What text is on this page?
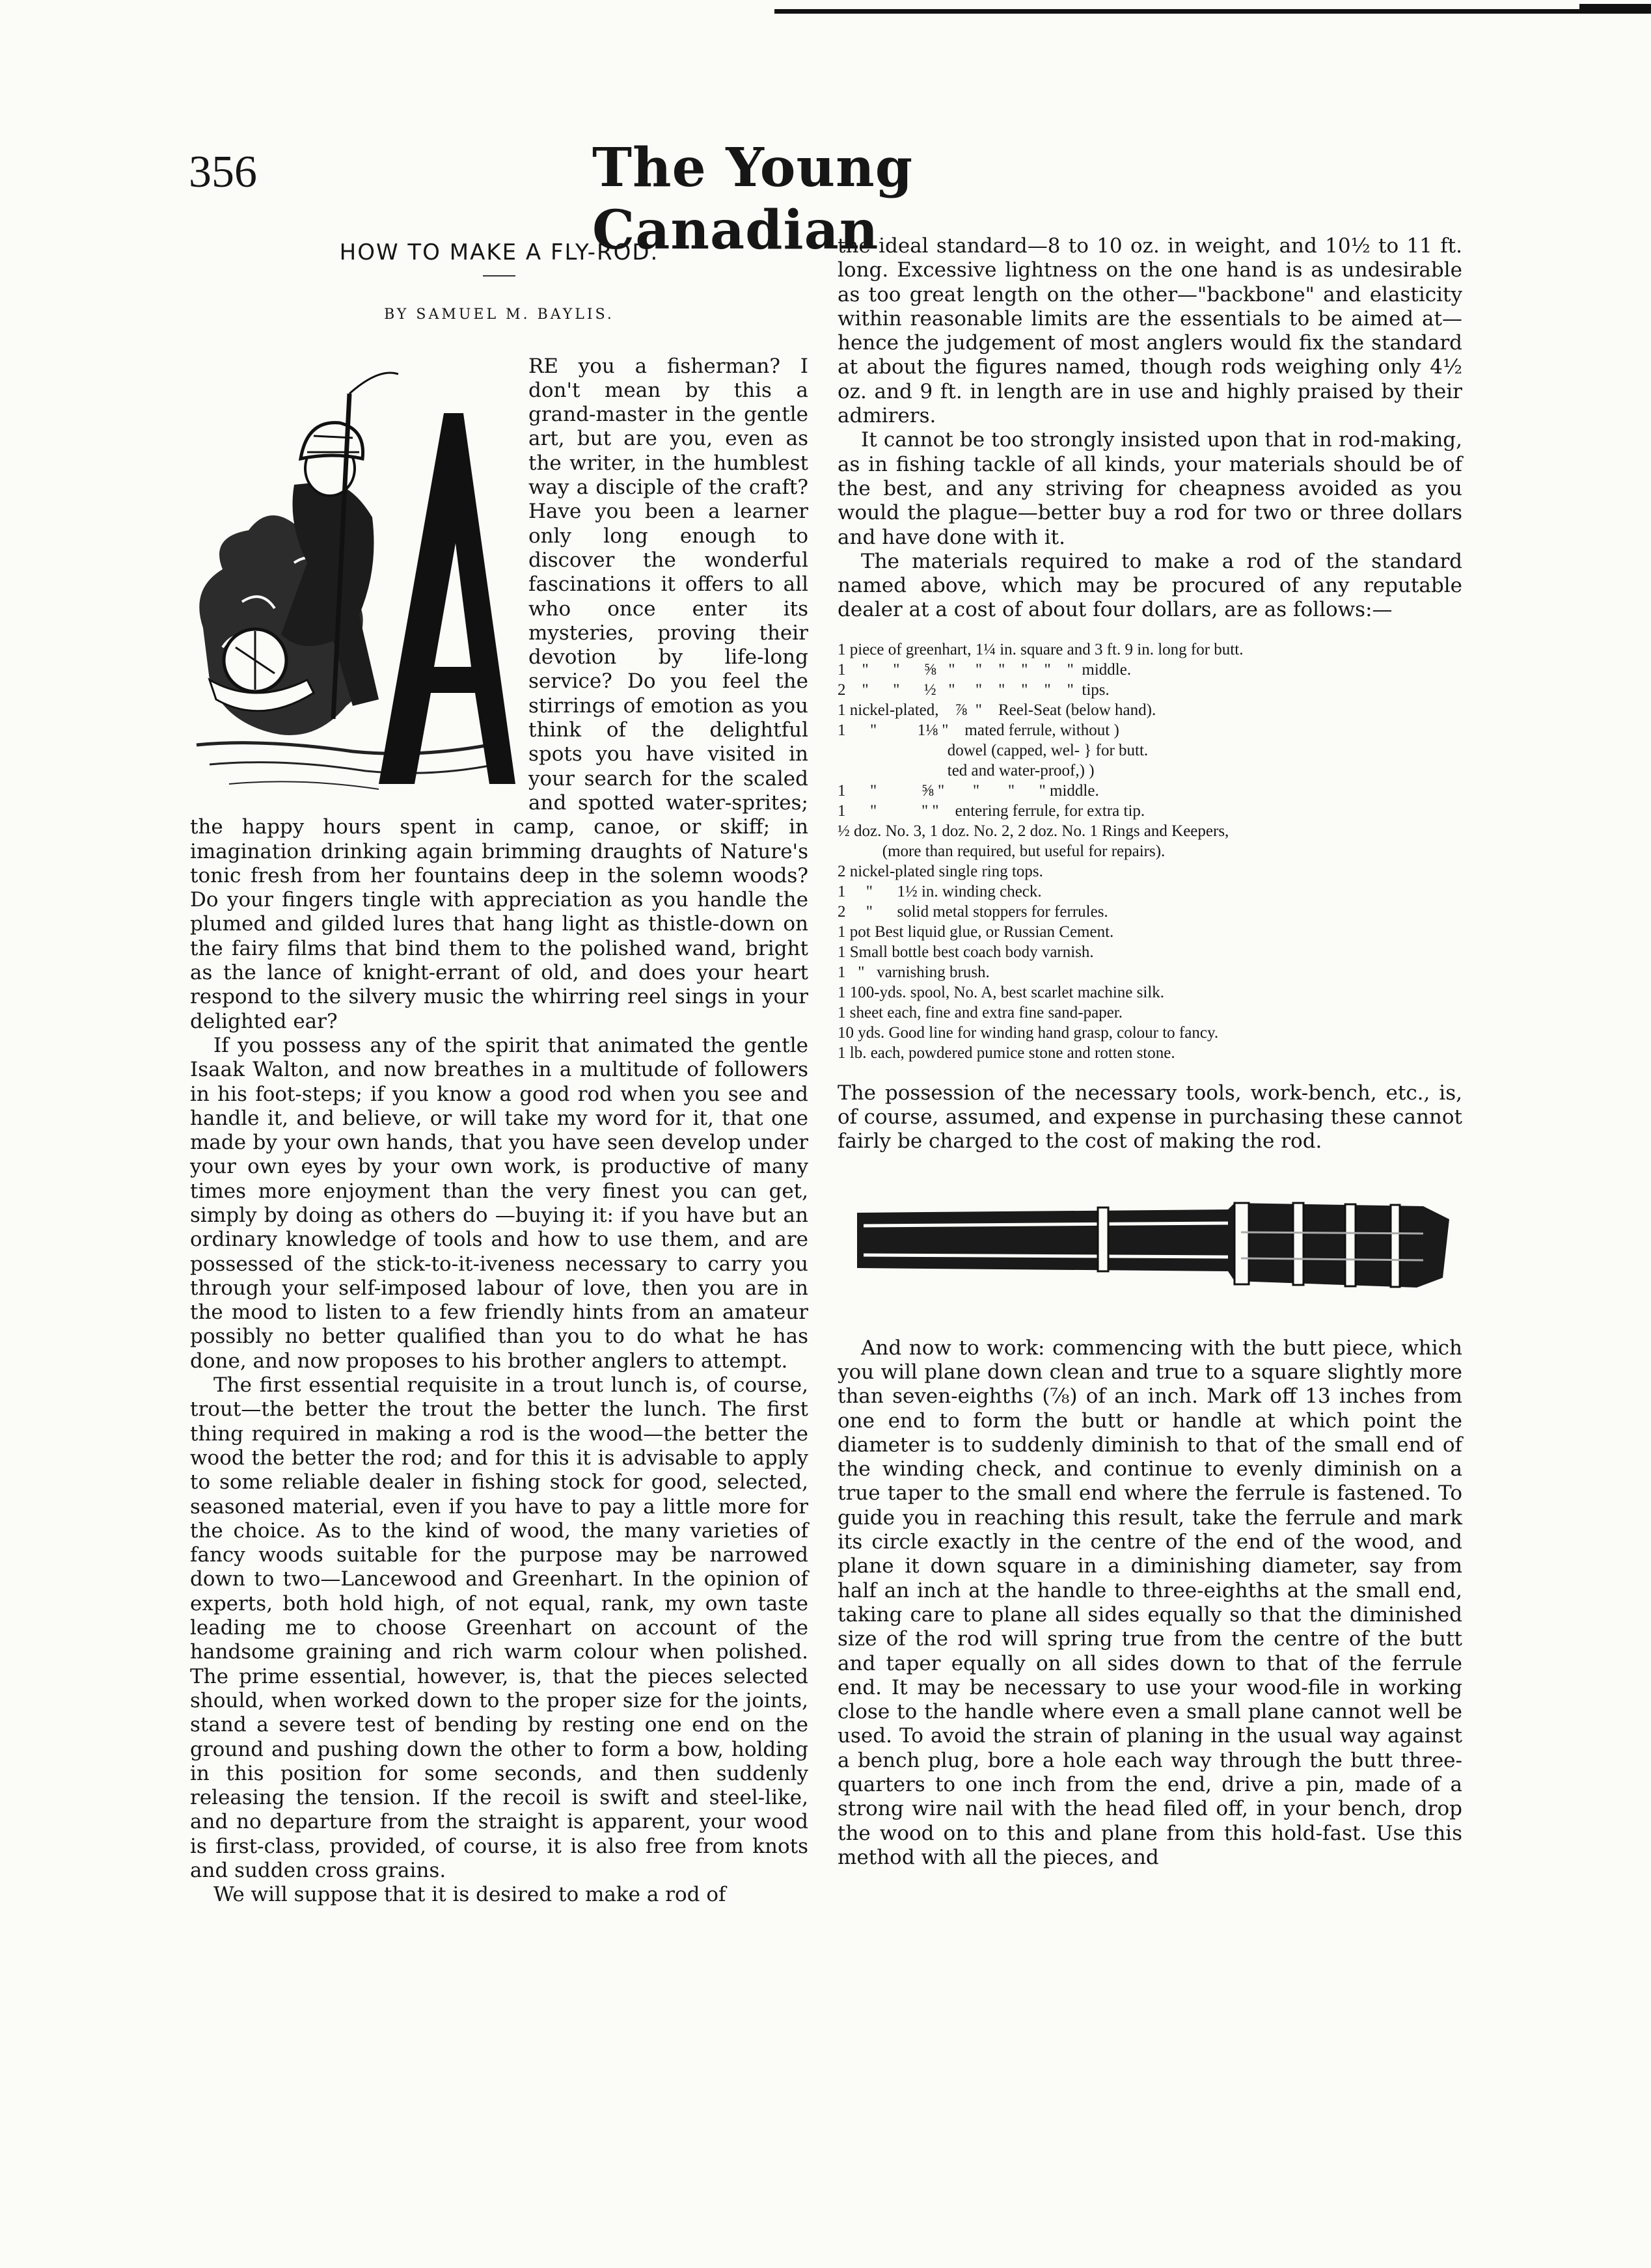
356	The Young Canadian
HOW TO MAKE A FLY-ROD.
BY SAMUEL M. BAYLIS.

RE you a fisherman? I don't mean by this a grand-master in the gentle art, but are you, even as the writer, in the humblest way a disciple of the craft? Have you been a learner only long enough to discover the wonderful fascinations it offers to all who once enter its mysteries, proving their devotion by life-long service? Do you feel the stirrings of emotion as you think of the delightful spots you have visited in your search for the scaled and spotted water-sprites; the happy hours spent in camp, canoe, or skiff; in imagination drinking again brimming draughts of Nature's tonic fresh from her fountains deep in the solemn woods? Do your fingers tingle with appreciation as you handle the plumed and gilded lures that hang light as thistle-down on the fairy films that bind them to the polished wand, bright as the lance of knight-errant of old, and does your heart respond to the silvery music the whirring reel sings in your delighted ear?

If you possess any of the spirit that animated the gentle Isaak Walton, and now breathes in a multitude of followers in his foot-steps; if you know a good rod when you see and handle it, and believe, or will take my word for it, that one made by your own hands, that you have seen develop under your own eyes by your own work, is productive of many times more enjoyment than the very finest you can get, simply by doing as others do —buying it: if you have but an ordinary knowledge of tools and how to use them, and are possessed of the stick-to-it-iveness necessary to carry you through your self-imposed labour of love, then you are in the mood to listen to a few friendly hints from an amateur possibly no better qualified than you to do what he has done, and now proposes to his brother anglers to attempt.

The first essential requisite in a trout lunch is, of course, trout—the better the trout the better the lunch. The first thing required in making a rod is the wood—the better the wood the better the rod; and for this it is advisable to apply to some reliable dealer in fishing stock for good, selected, seasoned material, even if you have to pay a little more for the choice. As to the kind of wood, the many varieties of fancy woods suitable for the purpose may be narrowed down to two—Lancewood and Greenhart. In the opinion of experts, both hold high, of not equal, rank, my own taste leading me to choose Greenhart on account of the handsome graining and rich warm colour when polished. The prime essential, however, is, that the pieces selected should, when worked down to the proper size for the joints, stand a severe test of bending by resting one end on the ground and pushing down the other to form a bow, holding in this position for some seconds, and then suddenly releasing the tension. If the recoil is swift and steel-like, and no departure from the straight is apparent, your wood is first-class, provided, of course, it is also free from knots and sudden cross grains.

We will suppose that it is desired to make a rod of

the ideal standard—8 to 10 oz. in weight, and 10½ to 11 ft. long. Excessive lightness on the one hand is as undesirable as too great length on the other—"backbone" and elasticity within reasonable limits are the essentials to be aimed at—hence the judgement of most anglers would fix the standard at about the figures named, though rods weighing only 4½ oz. and 9 ft. in length are in use and highly praised by their admirers.

It cannot be too strongly insisted upon that in rod-making, as in fishing tackle of all kinds, your materials should be of the best, and any striving for cheapness avoided as you would the plague—better buy a rod for two or three dollars and have done with it.

The materials required to make a rod of the standard named above, which may be procured of any reputable dealer at a cost of about four dollars, are as follows:—

1 piece of greenhart, 1¼ in. square and 3 ft. 9 in. long for butt.
1    "      "      ⅝   "     "    "    "    "    "  middle.
2    "      "      ½   "     "    "    "    "    "  tips.
1 nickel-plated,    ⅞  "    Reel-Seat (below hand).
1      "          1⅛ "    mated ferrule, without )
dowel (capped, wel- } for butt.
ted and water-proof,) )
1      "           ⅝ "       "       "      " middle.
1      "           " "    entering ferrule, for extra tip.
½ doz. No. 3, 1 doz. No. 2, 2 doz. No. 1 Rings and Keepers,
(more than required, but useful for repairs).
2 nickel-plated single ring tops.
1     "      1½ in. winding check.
2     "      solid metal stoppers for ferrules.
1 pot Best liquid glue, or Russian Cement.
1 Small bottle best coach body varnish.
1   "   varnishing brush.
1 100-yds. spool, No. A, best scarlet machine silk.
1 sheet each, fine and extra fine sand-paper.
10 yds. Good line for winding hand grasp, colour to fancy.
1 lb. each, powdered pumice stone and rotten stone.

The possession of the necessary tools, work-bench, etc., is, of course, assumed, and expense in purchasing these cannot fairly be charged to the cost of making the rod.

And now to work: commencing with the butt piece, which you will plane down clean and true to a square slightly more than seven-eighths (⅞) of an inch. Mark off 13 inches from one end to form the butt or handle at which point the diameter is to suddenly diminish to that of the small end of the winding check, and continue to evenly diminish on a true taper to the small end where the ferrule is fastened. To guide you in reaching this result, take the ferrule and mark its circle exactly in the centre of the end of the wood, and plane it down square in a diminishing diameter, say from half an inch at the handle to three-eighths at the small end, taking care to plane all sides equally so that the diminished size of the rod will spring true from the centre of the butt and taper equally on all sides down to that of the ferrule end. It may be necessary to use your wood-file in working close to the handle where even a small plane cannot well be used. To avoid the strain of planing in the usual way against a bench plug, bore a hole each way through the butt three-quarters to one inch from the end, drive a pin, made of a strong wire nail with the head filed off, in your bench, drop the wood on to this and plane from this hold-fast. Use this method with all the pieces, and
